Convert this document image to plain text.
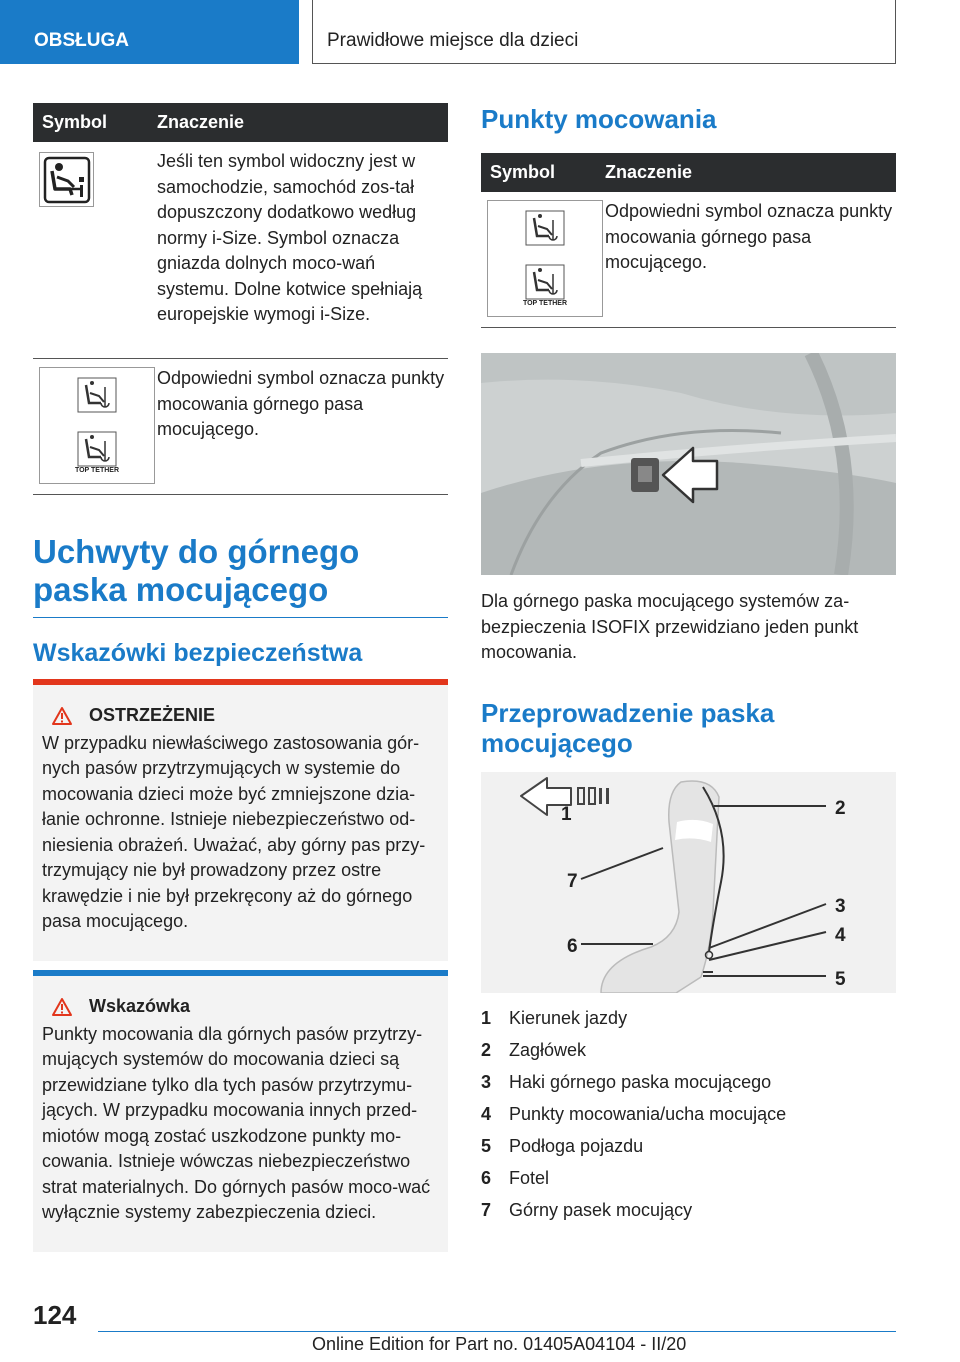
OBSŁUGA	Prawidłowe miejsce dla dzieci
Symbol	Znaczenie
Jeśli ten symbol widoczny jest w samochodzie, samochód zos-tał dopuszczony dodatkowo według normy i-Size. Symbol oznacza gniazda dolnych moco-wań systemu. Dolne kotwice spełniają europejskie wymogi i-Size.
TOP TETHER
Odpowiedni symbol oznacza punkty mocowania górnego pasa mocującego.
Uchwyty do górnego paska mocującego
Wskazówki bezpieczeństwa
OSTRZEŻENIE
W przypadku niewłaściwego zastosowania gór-nych pasów przytrzymujących w systemie do mocowania dzieci może być zmniejszone dzia-łanie ochronne. Istnieje niebezpieczeństwo od-niesienia obrażeń. Uważać, aby górny pas przy-trzymujący nie był prowadzony przez ostre krawędzie i nie był przekręcony aż do górnego pasa mocującego.
Wskazówka
Punkty mocowania dla górnych pasów przytrzy-mujących systemów do mocowania dzieci są przewidziane tylko dla tych pasów przytrzymu-jących. W przypadku mocowania innych przed-miotów mogą zostać uszkodzone punkty mo-cowania. Istnieje wówczas niebezpieczeństwo strat materialnych. Do górnych pasów moco-wać wyłącznie systemy zabezpieczenia dzieci.
Punkty mocowania
Symbol	Znaczenie
TOP TETHER
Odpowiedni symbol oznacza punkty mocowania górnego pasa mocującego.
Dla górnego paska mocującego systemów za-bezpieczenia ISOFIX przewidziano jeden punkt mocowania.
Przeprowadzenie paska mocującego
1	2
7
3
4
6
5
1 Kierunek jazdy
2 Zagłówek
3 Haki górnego paska mocującego
4 Punkty mocowania/ucha mocujące
5 Podłoga pojazdu
6 Fotel
7 Górny pasek mocujący
124
Online Edition for Part no. 01405A04104 - II/20
